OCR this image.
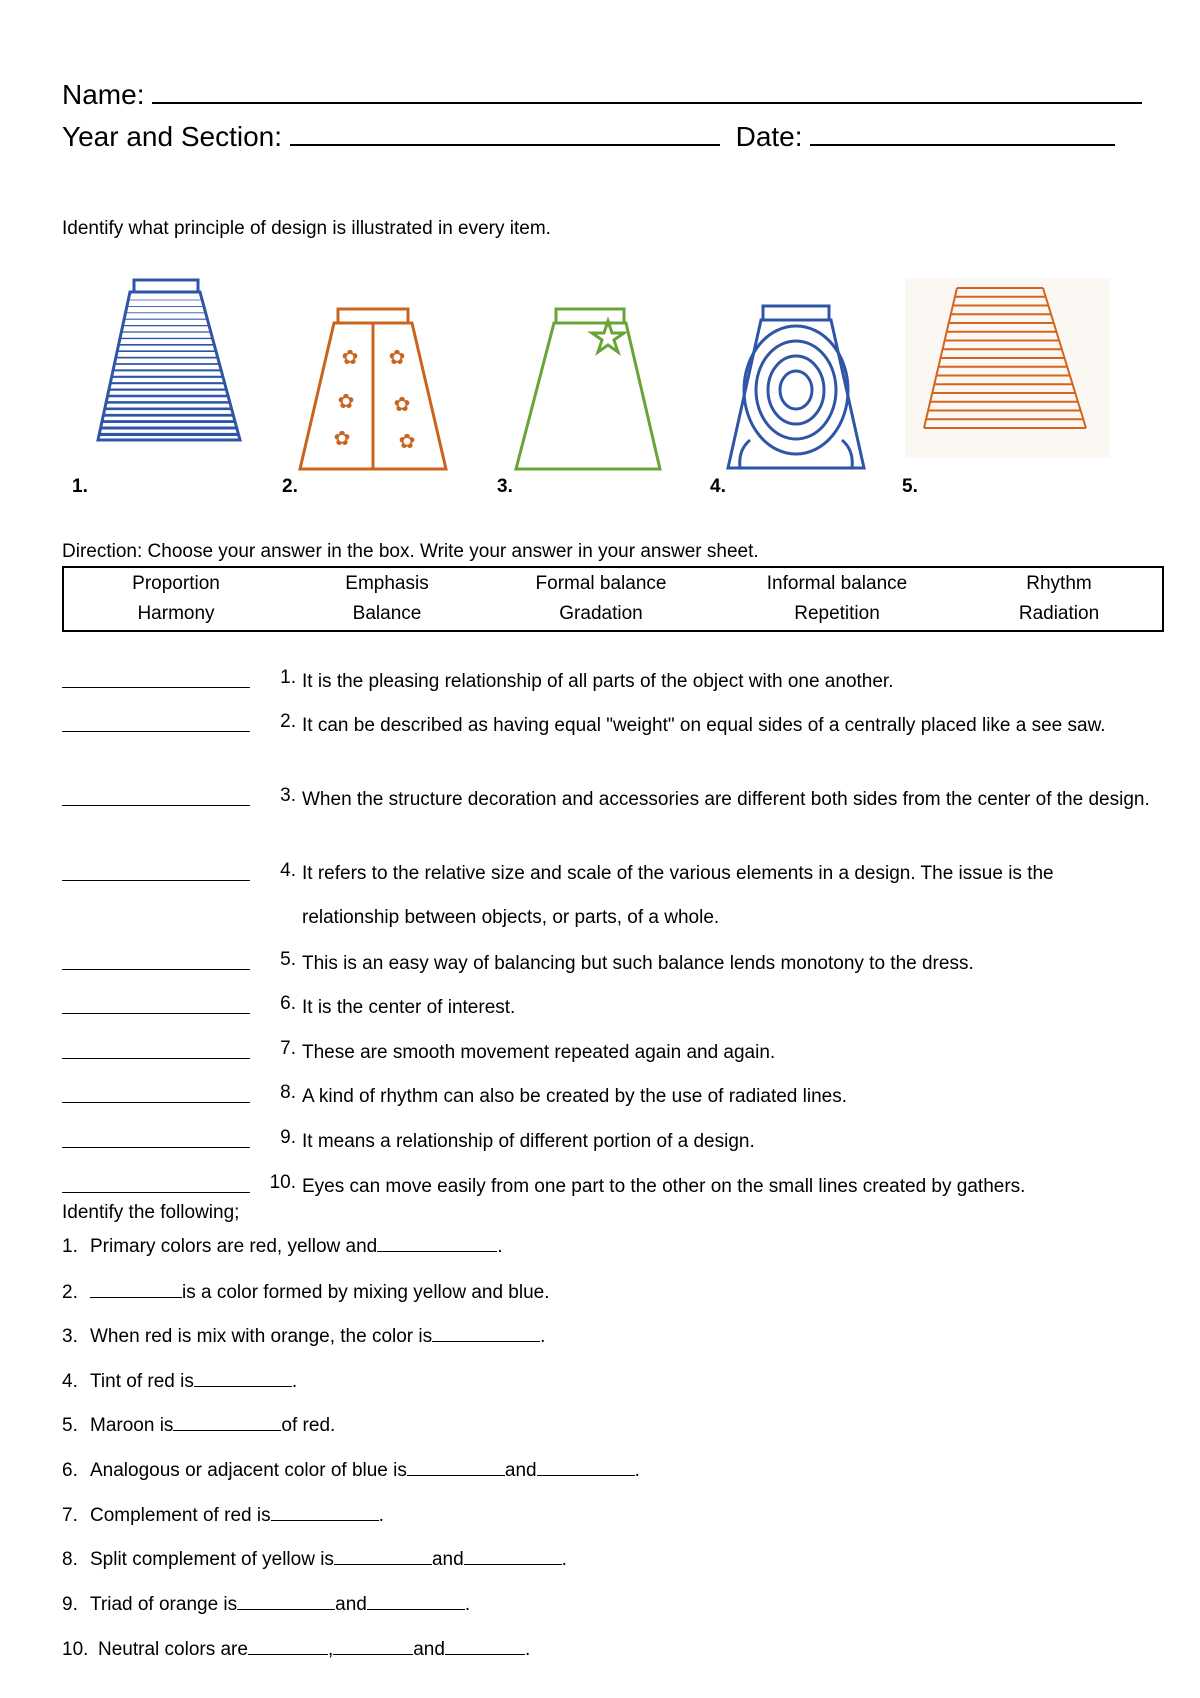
Name:
Year and Section:	Date:
Identify what principle of design is illustrated in every item.
✿ ✿
✿ ✿
✿ ✿
1.	2.	3.	4.	5.
Direction: Choose your answer in the box. Write your answer in your answer sheet.
Proportion	Emphasis	Formal balance	Informal balance	Rhythm
Harmony	Balance	Gradation	Repetition	Radiation
1. It is the pleasing relationship of all parts of the object with one another.
2. It can be described as having equal "weight" on equal sides of a centrally placed like a see saw.
3. When the structure decoration and accessories are different both sides from the center of the design.
4. It refers to the relative size and scale of the various elements in a design. The issue is the relationship between objects, or parts, of a whole.
5. This is an easy way of balancing but such balance lends monotony to the dress.
6. It is the center of interest.
7. These are smooth movement repeated again and again.
8. A kind of rhythm can also be created by the use of radiated lines.
9. It means a relationship of different portion of a design.
10. Eyes can move easily from one part to the other on the small lines created by gathers.
Identify the following;
1. Primary colors are red, yellow and	.
2.	is a color formed by mixing yellow and blue.
3. When red is mix with orange, the color is	.
4. Tint of red is	.
5. Maroon is	of red.
6. Analogous or adjacent color of blue is	and	.
7. Complement of red is	.
8. Split complement of yellow is	and	.
9. Triad of orange is	and	.
10. Neutral colors are	,	and	.
